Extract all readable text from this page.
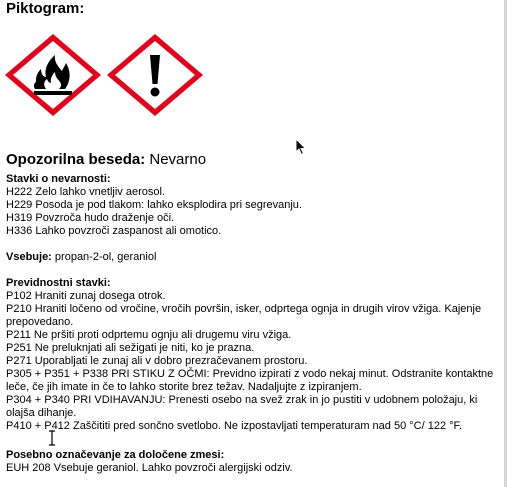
Piktogram:
Opozorilna beseda: Nevarno
Stavki o nevarnosti:
H222 Zelo lahko vnetljiv aerosol.
H229 Posoda je pod tlakom: lahko eksplodira pri segrevanju.
H319 Povzroča hudo draženje oči.
H336 Lahko povzroči zaspanost ali omotico.
Vsebuje: propan-2-ol, geraniol
Previdnostni stavki:
P102 Hraniti zunaj dosega otrok.
P210 Hraniti ločeno od vročine, vročih površin, isker, odprtega ognja in drugih virov vžiga. Kajenje prepovedano.
P211 Ne pršiti proti odprtemu ognju ali drugemu viru vžiga.
P251 Ne preluknjati ali sežigati je niti, ko je prazna.
P271 Uporabljati le zunaj ali v dobro prezračevanem prostoru.
P305 + P351 + P338 PRI STIKU Z OČMI: Previdno izpirati z vodo nekaj minut. Odstranite kontaktne leče, če jih imate in če to lahko storite brez težav. Nadaljujte z izpiranjem.
P304 + P340 PRI VDIHAVANJU: Prenesti osebo na svež zrak in jo pustiti v udobnem položaju, ki olajša dihanje.
P410 + P412 Zaščititi pred sončno svetlobo. Ne izpostavljati temperaturam nad 50 °C/ 122 °F.
Posebno označevanje za določene zmesi:
EUH 208 Vsebuje geraniol. Lahko povzroči alergijski odziv.
